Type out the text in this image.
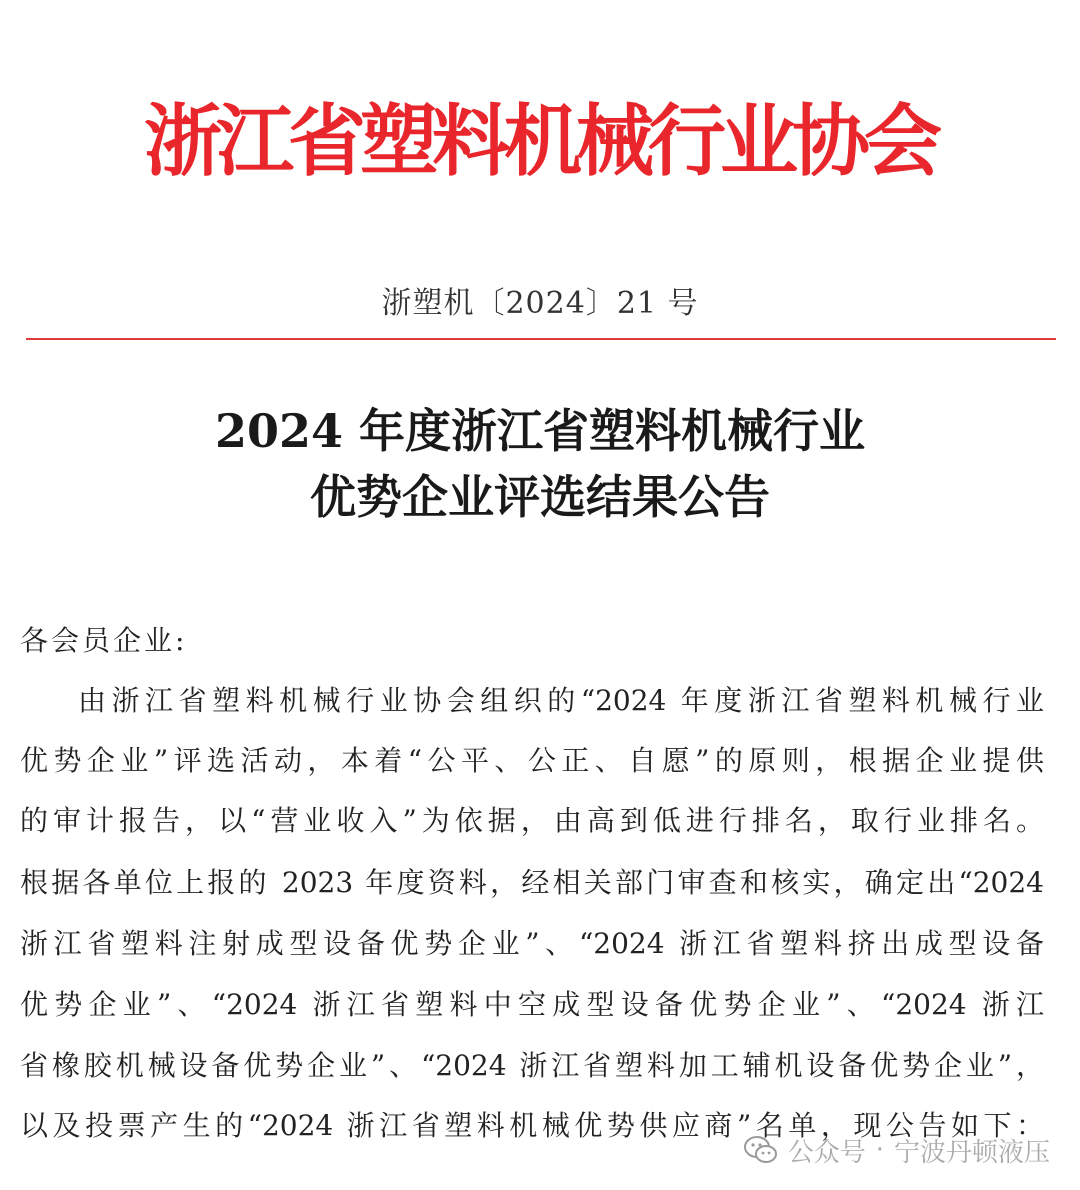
浙江省塑料机械行业协会
浙塑机〔2024〕21 号
2024 年度浙江省塑料机械行业
优势企业评选结果公告
各会员企业:
由浙江省塑料机械行业协会组织的“2024 年度浙江省塑料机械行业
优势企业”评选活动，本着“公平、公正、自愿”的原则，根据企业提供
的审计报告，以“营业收入”为依据，由高到低进行排名，取行业排名。
根据各单位上报的 2023 年度资料，经相关部门审查和核实，确定出“2024
浙江省塑料注射成型设备优势企业”、“2024 浙江省塑料挤出成型设备
优势企业”、“2024 浙江省塑料中空成型设备优势企业”、“2024 浙江
省橡胶机械设备优势企业”、“2024 浙江省塑料加工辅机设备优势企业”，
以及投票产生的“2024 浙江省塑料机械优势供应商”名单，现公告如下：
公众号 · 宁波丹顿液压
